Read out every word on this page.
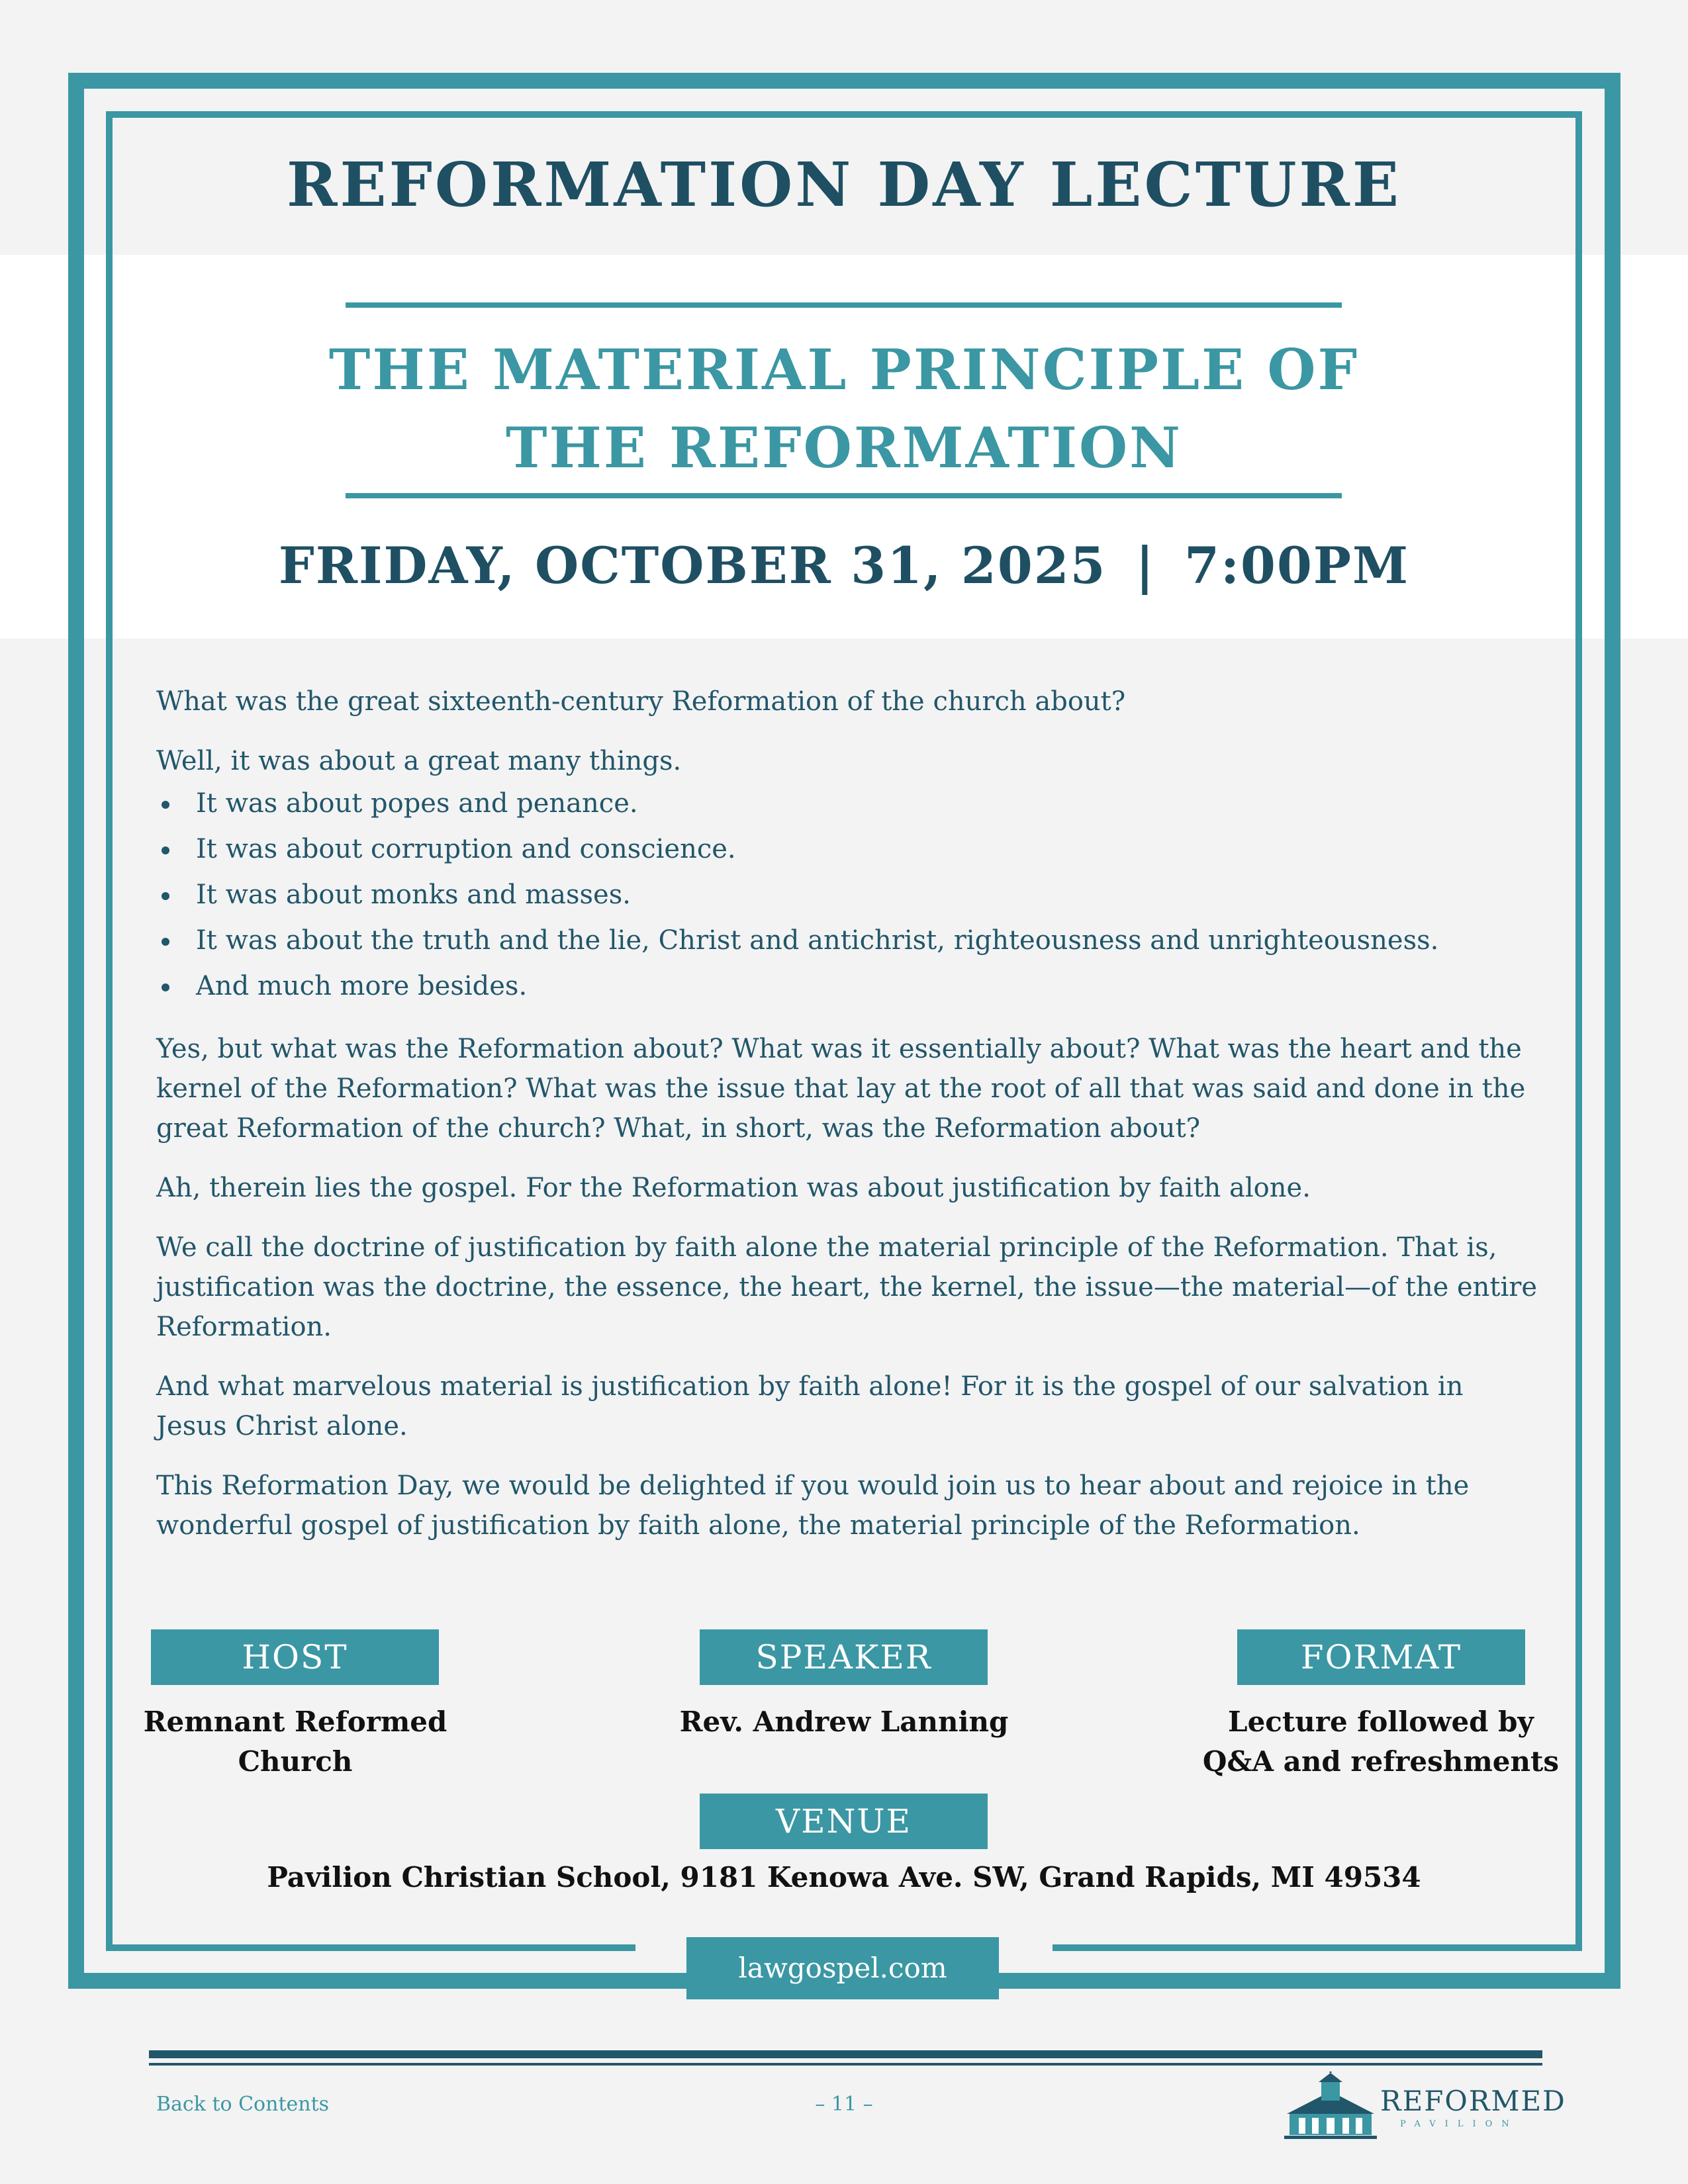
REFORMATION DAY LECTURE
THE MATERIAL PRINCIPLE OF
THE REFORMATION
FRIDAY, OCTOBER 31, 2025 | 7:00PM

What was the great sixteenth-century Reformation of the church about?

Well, it was about a great many things.

It was about popes and penance.
It was about corruption and conscience.
It was about monks and masses.
It was about the truth and the lie, Christ and antichrist, righteousness and unrighteousness.
And much more besides.

Yes, but what was the Reformation about? What was it essentially about? What was the heart and the kernel of the Reformation? What was the issue that lay at the root of all that was said and done in the great Reformation of the church? What, in short, was the Reformation about?

Ah, therein lies the gospel. For the Reformation was about justification by faith alone.

We call the doctrine of justification by faith alone the material principle of the Reformation. That is, justification was the doctrine, the essence, the heart, the kernel, the issue—the material—of the entire Reformation.

And what marvelous material is justification by faith alone! For it is the gospel of our salvation in Jesus Christ alone.

This Reformation Day, we would be delighted if you would join us to hear about and rejoice in the wonderful gospel of justification by faith alone, the material principle of the Reformation.

HOST
Remnant Reformed
Church
SPEAKER
Rev. Andrew Lanning
FORMAT
Lecture followed by
Q&A and refreshments
VENUE
Pavilion Christian School, 9181 Kenowa Ave. SW, Grand Rapids, MI 49534
lawgospel.com
Back to Contents	– 11 –	REFORMED
PAVILION
